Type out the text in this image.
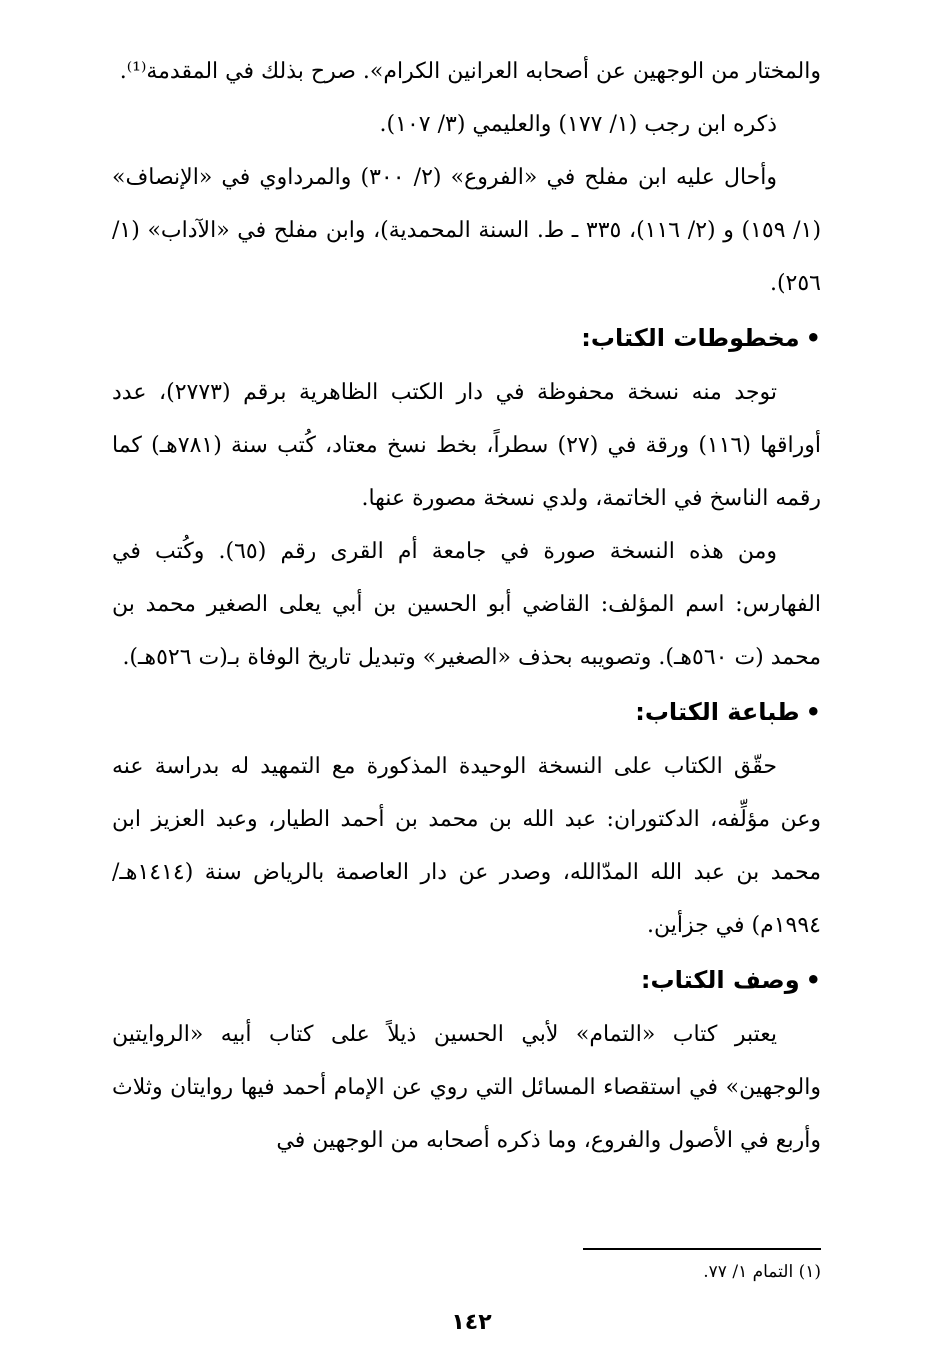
والمختار من الوجهين عن أصحابه العرانين الكرام». صرح بذلك في المقدمة⁽¹⁾.

ذكره ابن رجب (١/ ١٧٧) والعليمي (٣/ ١٠٧).

وأحال عليه ابن مفلح في «الفروع» (٢/ ٣٠٠) والمرداوي في «الإنصاف» (١/ ١٥٩) و (٢/ ١١٦)، ٣٣٥ ـ ط. السنة المحمدية)، وابن مفلح في «الآداب» (١/ ٢٥٦).

•مخطوطات الكتاب:

توجد منه نسخة محفوظة في دار الكتب الظاهرية برقم (٢٧٧٣)، عدد أوراقها (١١٦) ورقة في (٢٧) سطراً، بخط نسخ معتاد، كُتب سنة (٧٨١هـ) كما رقمه الناسخ في الخاتمة، ولدي نسخة مصورة عنها.

ومن هذه النسخة صورة في جامعة أم القرى رقم (٦٥). وكُتب في الفهارس: اسم المؤلف: القاضي أبو الحسين بن أبي يعلى الصغير محمد بن محمد (ت ٥٦٠هـ). وتصويبه بحذف «الصغير» وتبديل تاريخ الوفاة بـ(ت ٥٢٦هـ).

•طباعة الكتاب:

حقّق الكتاب على النسخة الوحيدة المذكورة مع التمهيد له بدراسة عنه وعن مؤلِّفه، الدكتوران: عبد الله بن محمد بن أحمد الطيار، وعبد العزيز ابن محمد بن عبد الله المدّالله، وصدر عن دار العاصمة بالرياض سنة (١٤١٤هـ/ ١٩٩٤م) في جزأين.

•وصف الكتاب:

يعتبر كتاب «التمام» لأبي الحسين ذيلاً على كتاب أبيه «الروايتين والوجهين» في استقصاء المسائل التي روي عن الإمام أحمد فيها روايتان وثلاث وأربع في الأصول والفروع، وما ذكره أصحابه من الوجهين في

(١) التمام ١/ ٧٧.
١٤٢
